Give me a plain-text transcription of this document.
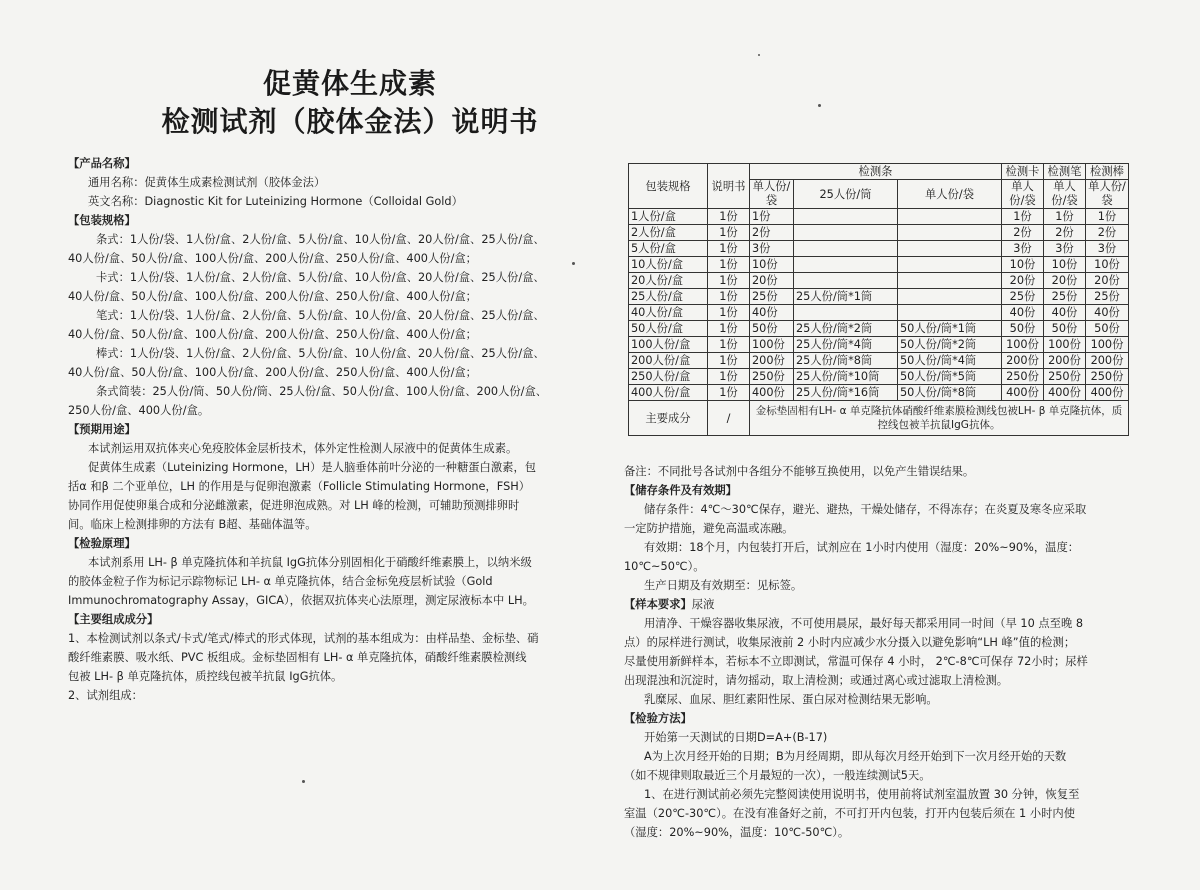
促黄体生成素
检测试剂（胶体金法）说明书
【产品名称】
通用名称：促黄体生成素检测试剂（胶体金法）
英文名称：Diagnostic Kit for Luteinizing Hormone（Colloidal Gold）
【包装规格】
条式：1人份/袋、1人份/盒、2人份/盒、5人份/盒、10人份/盒、20人份/盒、25人份/盒、
40人份/盒、50人份/盒、100人份/盒、200人份/盒、250人份/盒、400人份/盒；
卡式：1人份/袋、1人份/盒、2人份/盒、5人份/盒、10人份/盒、20人份/盒、25人份/盒、
40人份/盒、50人份/盒、100人份/盒、200人份/盒、250人份/盒、400人份/盒；
笔式：1人份/袋、1人份/盒、2人份/盒、5人份/盒、10人份/盒、20人份/盒、25人份/盒、
40人份/盒、50人份/盒、100人份/盒、200人份/盒、250人份/盒、400人份/盒；
棒式：1人份/袋、1人份/盒、2人份/盒、5人份/盒、10人份/盒、20人份/盒、25人份/盒、
40人份/盒、50人份/盒、100人份/盒、200人份/盒、250人份/盒、400人份/盒；
条式简装：25人份/筒、50人份/筒、25人份/盒、50人份/盒、100人份/盒、200人份/盒、
250人份/盒、400人份/盒。
【预期用途】
本试剂运用双抗体夹心免疫胶体金层析技术，体外定性检测人尿液中的促黄体生成素。
促黄体生成素（Luteinizing Hormone，LH）是人脑垂体前叶分泌的一种糖蛋白激素，包
括α 和β 二个亚单位，LH 的作用是与促卵泡激素（Follicle Stimulating Hormone，FSH）
协同作用促使卵巢合成和分泌雌激素，促进卵泡成熟。对 LH 峰的检测，可辅助预测排卵时
间。临床上检测排卵的方法有 B超、基础体温等。
【检验原理】
本试剂系用 LH- β 单克隆抗体和羊抗鼠 IgG抗体分别固相化于硝酸纤维素膜上，以纳米级
的胶体金粒子作为标记示踪物标记 LH- α 单克隆抗体，结合金标免疫层析试验（Gold
Immunochromatography Assay，GICA），依据双抗体夹心法原理，测定尿液标本中 LH。
【主要组成成分】
1、本检测试剂以条式/卡式/笔式/棒式的形式体现，试剂的基本组成为：由样品垫、金标垫、硝
酸纤维素膜、吸水纸、PVC 板组成。金标垫固相有 LH- α 单克隆抗体，硝酸纤维素膜检测线
包被 LH- β 单克隆抗体，质控线包被羊抗鼠 IgG抗体。
2、试剂组成：
包装规格	说明书	检测条			检测卡	检测笔	检测棒
		单人份/袋	25人份/筒	单人份/袋	单人份/袋	单人份/袋	单人份/袋

1人份/盒	1份	1份			1份	1份	1份
2人份/盒	1份	2份			2份	2份	2份
5人份/盒	1份	3份			3份	3份	3份
10人份/盒	1份	10份			10份	10份	10份
20人份/盒	1份	20份			20份	20份	20份
25人份/盒	1份	25份	25人份/筒*1筒		25份	25份	25份
40人份/盒	1份	40份			40份	40份	40份
50人份/盒	1份	50份	25人份/筒*2筒	50人份/筒*1筒	50份	50份	50份
100人份/盒	1份	100份	25人份/筒*4筒	50人份/筒*2筒	100份	100份	100份
200人份/盒	1份	200份	25人份/筒*8筒	50人份/筒*4筒	200份	200份	200份
250人份/盒	1份	250份	25人份/筒*10筒	50人份/筒*5筒	250份	250份	250份
400人份/盒	1份	400份	25人份/筒*16筒	50人份/筒*8筒	400份	400份	400份
主要成分	/	金标垫固相有LH- α 单克隆抗体硝酸纤维素膜检测线包被LH- β 单克隆抗体，质控线包被羊抗鼠IgG抗体。					
备注：不同批号各试剂中各组分不能够互换使用，以免产生错误结果。
【储存条件及有效期】
储存条件：4℃～30℃保存，避光、避热，干燥处储存，不得冻存；在炎夏及寒冬应采取
一定防护措施，避免高温或冻融。
有效期：18个月，内包装打开后，试剂应在 1小时内使用（湿度：20%~90%，温度：
10℃~50℃）。
生产日期及有效期至：见标签。
【样本要求】尿液
用清净、干燥容器收集尿液，不可使用晨尿，最好每天都采用同一时间（早 10 点至晚 8
点）的尿样进行测试，收集尿液前 2 小时内应减少水分摄入以避免影响“LH 峰”值的检测；
尽量使用新鲜样本，若标本不立即测试，常温可保存 4 小时， 2℃-8℃可保存 72小时；尿样
出现混浊和沉淀时，请勿摇动，取上清检测；或通过离心或过滤取上清检测。
乳糜尿、血尿、胆红素阳性尿、蛋白尿对检测结果无影响。
【检验方法】
开始第一天测试的日期D=A+(B-17)
A为上次月经开始的日期；B为月经周期，即从每次月经开始到下一次月经开始的天数
（如不规律则取最近三个月最短的一次），一般连续测试5天。
1、在进行测试前必须先完整阅读使用说明书，使用前将试剂室温放置 30 分钟，恢复至
室温（20℃-30℃）。在没有准备好之前，不可打开内包装，打开内包装后须在 1 小时内使
（湿度：20%~90%，温度：10℃-50℃）。
